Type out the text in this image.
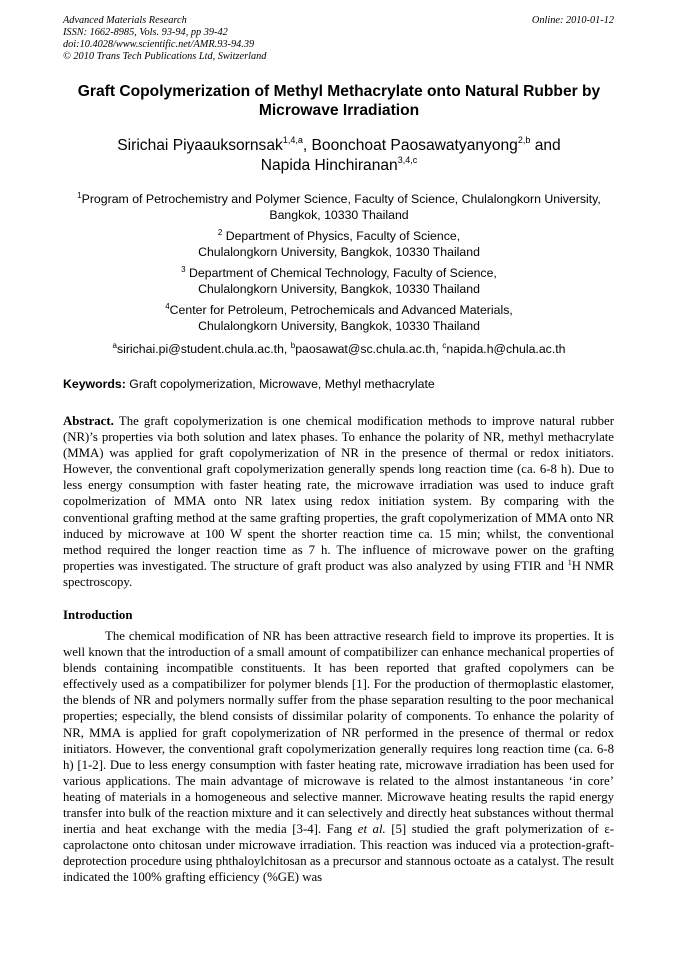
Advanced Materials Research
ISSN: 1662-8985, Vols. 93-94, pp 39-42
doi:10.4028/www.scientific.net/AMR.93-94.39
© 2010 Trans Tech Publications Ltd, Switzerland
Online: 2010-01-12
Graft Copolymerization of Methyl Methacrylate onto Natural Rubber by Microwave Irradiation
Sirichai Piyaauksornsak$^{1,4,a}$, Boonchoat Paosawatyanyong$^{2,b}$ and
Napida Hinchiranan$^{3,4,c}$
$^1$Program of Petrochemistry and Polymer Science, Faculty of Science, Chulalongkorn University,
Bangkok, 10330 Thailand
$^2$ Department of Physics, Faculty of Science,
Chulalongkorn University, Bangkok, 10330 Thailand
$^3$ Department of Chemical Technology, Faculty of Science,
Chulalongkorn University, Bangkok, 10330 Thailand
$^4$Center for Petroleum, Petrochemicals and Advanced Materials,
Chulalongkorn University, Bangkok, 10330 Thailand
$^a$sirichai.pi@student.chula.ac.th, $^b$paosawat@sc.chula.ac.th, $^c$napida.h@chula.ac.th
Keywords: Graft copolymerization, Microwave, Methyl methacrylate
Abstract. The graft copolymerization is one chemical modification methods to improve natural rubber (NR)’s properties via both solution and latex phases. To enhance the polarity of NR, methyl methacrylate (MMA) was applied for graft copolymerization of NR in the presence of thermal or redox initiators. However, the conventional graft copolymerization generally spends long reaction time (ca. 6-8 h). Due to less energy consumption with faster heating rate, the microwave irradiation was used to induce graft copolmerization of MMA onto NR latex using redox initiation system. By comparing with the conventional grafting method at the same grafting properties, the graft copolymerization of MMA onto NR induced by microwave at 100 W spent the shorter reaction time ca. 15 min; whilst, the conventional method required the longer reaction time as 7 h. The influence of microwave power on the grafting properties was investigated. The structure of graft product was also analyzed by using FTIR and $^1$H NMR spectroscopy.
Introduction
The chemical modification of NR has been attractive research field to improve its properties. It is well known that the introduction of a small amount of compatibilizer can enhance mechanical properties of blends containing incompatible constituents. It has been reported that grafted copolymers can be effectively used as a compatibilizer for polymer blends [1]. For the production of thermoplastic elastomer, the blends of NR and polymers normally suffer from the phase separation resulting to the poor mechanical properties; especially, the blend consists of dissimilar polarity of components. To enhance the polarity of NR, MMA is applied for graft copolymerization of NR performed in the presence of thermal or redox initiators. However, the conventional graft copolymerization generally requires long reaction time (ca. 6-8 h) [1-2]. Due to less energy consumption with faster heating rate, microwave irradiation has been used for various applications. The main advantage of microwave is related to the almost instantaneous ‘in core’ heating of materials in a homogeneous and selective manner. Microwave heating results the rapid energy transfer into bulk of the reaction mixture and it can selectively and directly heat substances without thermal inertia and heat exchange with the media [3-4]. Fang et al. [5] studied the graft polymerization of ε-caprolactone onto chitosan under microwave irradiation. This reaction was induced via a protection-graft-deprotection procedure using phthaloylchitosan as a precursor and stannous octoate as a catalyst. The result indicated the 100% grafting efficiency (%GE) was
